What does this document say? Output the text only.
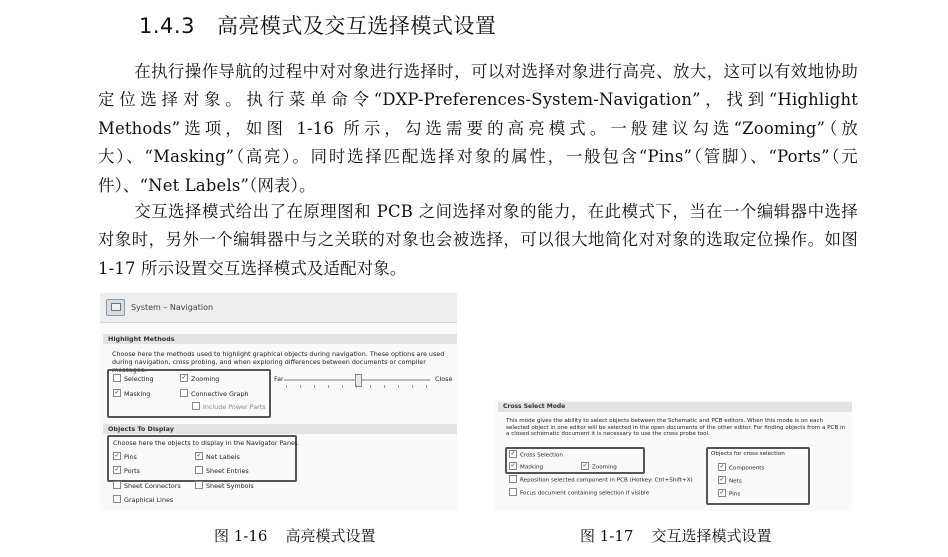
1.4.3 高亮模式及交互选择模式设置
在执行操作导航的过程中对对象进行选择时，可以对选择对象进行高亮、放大，这可以有效地协助定位选择对象。执行菜单命令“DXP-Preferences-System-Navigation”，找到“Highlight Methods”选项，如图 1-16 所示，勾选需要的高亮模式。一般建议勾选“Zooming”（放大）、“Masking”（高亮）。同时选择匹配选择对象的属性，一般包含“Pins”（管脚）、“Ports”（元件）、“Net Labels”（网表）。
交互选择模式给出了在原理图和 PCB 之间选择对象的能力，在此模式下，当在一个编辑器中选择对象时，另外一个编辑器中与之关联的对象也会被选择，可以很大地简化对对象的选取定位操作。如图 1-17 所示设置交互选择模式及适配对象。
System – Navigation
Highlight Methods
Choose here the methods used to highlight graphical objects during navigation. These options are used during navigation, cross probing, and when exploring differences between documents or compiler messages.
Selecting ✓	Zooming
✓Masking	Connective Graph
Include Power Parts
Far	Close
Objects To Display
Choose here the objects to display in the Navigator Panel.
✓Pins ✓	Net Labels
✓Ports	Sheet Entries
Sheet Connectors	Sheet Symbols
Graphical Lines
Cross Select Mode
This mode gives the ability to select objects between the Schematic and PCB editors. When this mode is on each selected object in one editor will be selected in the open documents of the other editor. For finding objects from a PCB in a closed schematic document it is necessary to use the cross probe tool.
✓Cross Selection
✓Masking ✓	Zooming
Reposition selected component in PCB (Hotkey: Ctrl+Shift+X)
Focus document containing selection if visible
Objects for cross selection
✓Components
✓Nets
✓Pins
图 1-16 高亮模式设置	图 1-17 交互选择模式设置
